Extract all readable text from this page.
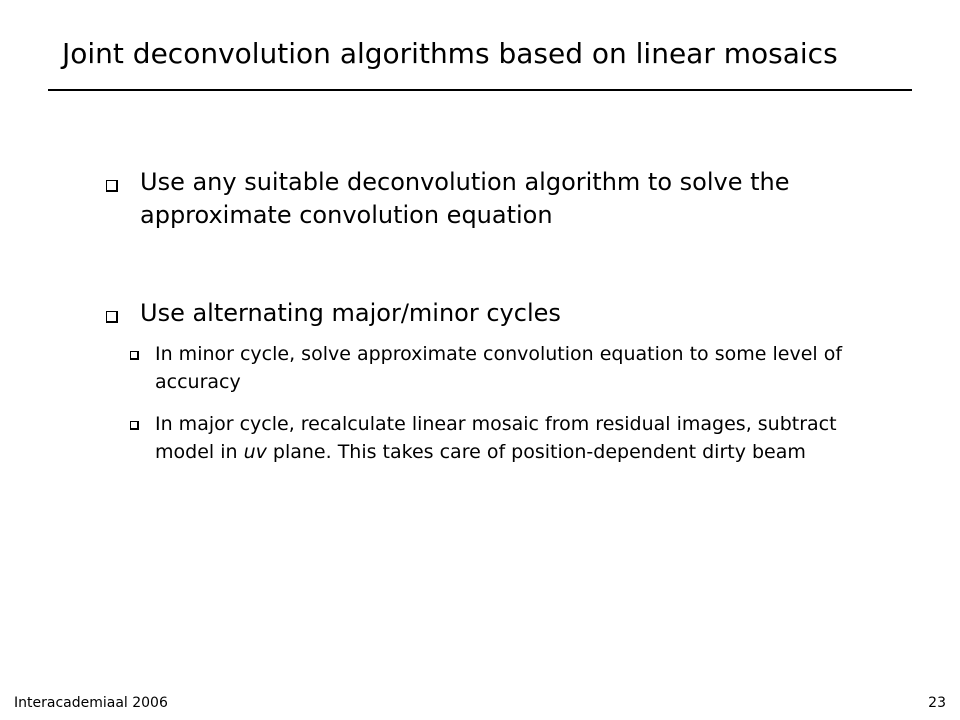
Joint deconvolution algorithms based on linear mosaics
Use any suitable deconvolution algorithm to solve the approximate convolution equation
Use alternating major/minor cycles
In minor cycle, solve approximate convolution equation to some level of accuracy
In major cycle, recalculate linear mosaic from residual images, subtract model in uv plane. This takes care of position-dependent dirty beam
Interacademiaal 2006	23
